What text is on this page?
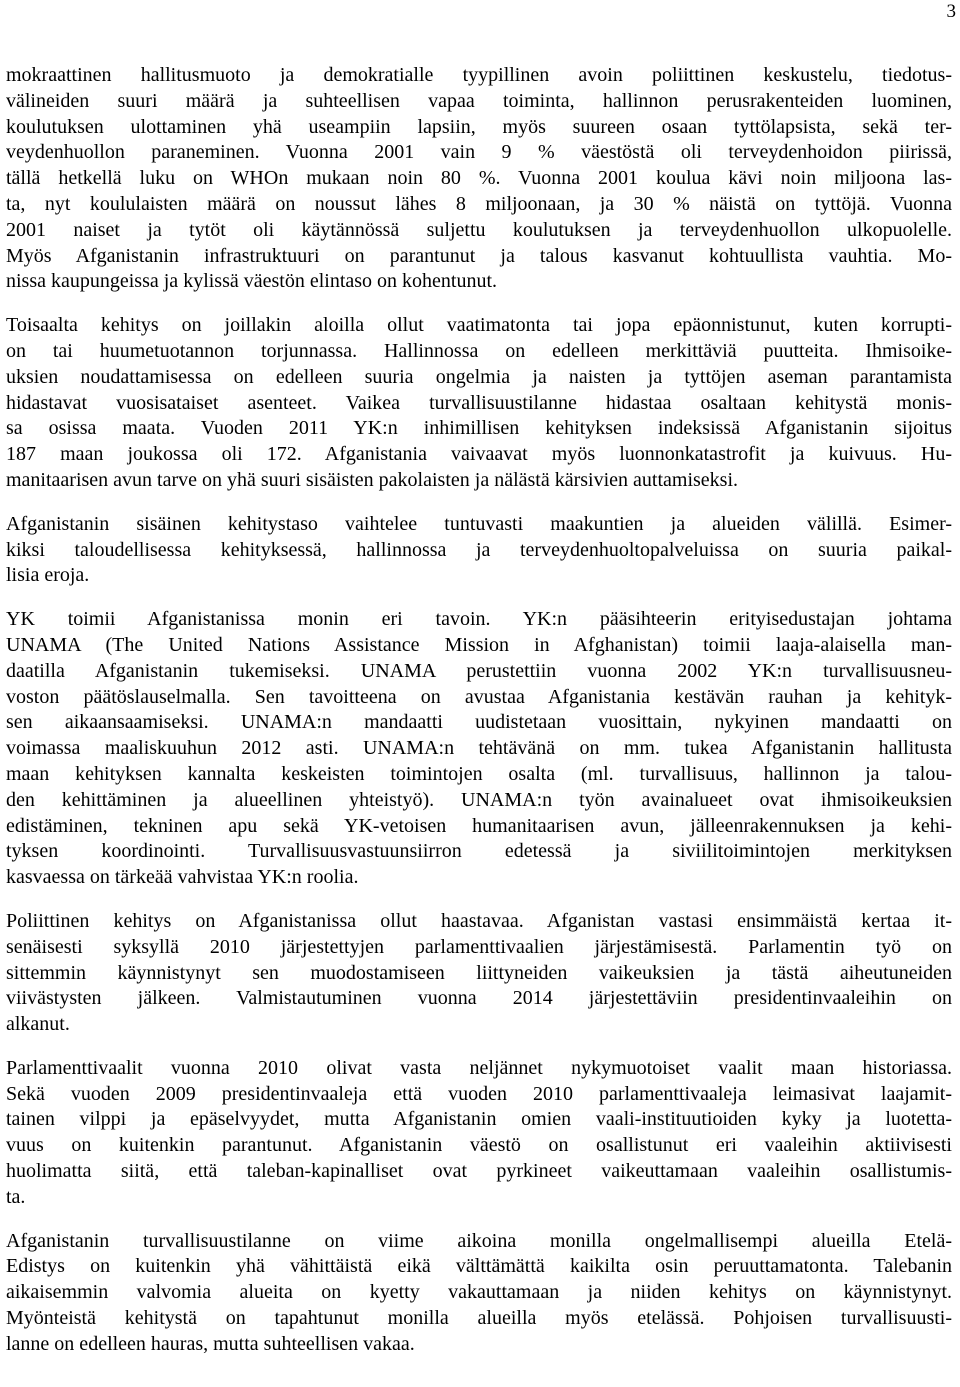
3
mokraattinen hallitusmuoto ja demokratialle tyypillinen avoin poliittinen keskustelu, tiedotus-
välineiden suuri määrä ja suhteellisen vapaa toiminta, hallinnon perusrakenteiden luominen,
koulutuksen ulottaminen yhä useampiin lapsiin, myös suureen osaan tyttölapsista, sekä ter-
veydenhuollon paraneminen. Vuonna 2001 vain 9 % väestöstä oli terveydenhoidon piirissä,
tällä hetkellä luku on WHOn mukaan noin 80 %. Vuonna 2001 koulua kävi noin miljoona las-
ta, nyt koululaisten määrä on noussut lähes 8 miljoonaan, ja 30 % näistä on tyttöjä. Vuonna
2001 naiset ja tytöt oli käytännössä suljettu koulutuksen ja terveydenhuollon ulkopuolelle.
Myös Afganistanin infrastruktuuri on parantunut ja talous kasvanut kohtuullista vauhtia. Mo-
nissa kaupungeissa ja kylissä väestön elintaso on kohentunut.
Toisaalta kehitys on joillakin aloilla ollut vaatimatonta tai jopa epäonnistunut, kuten korrupti-
on tai huumetuotannon torjunnassa. Hallinnossa on edelleen merkittäviä puutteita. Ihmisoike-
uksien noudattamisessa on edelleen suuria ongelmia ja naisten ja tyttöjen aseman parantamista
hidastavat vuosisataiset asenteet. Vaikea turvallisuustilanne hidastaa osaltaan kehitystä monis-
sa osissa maata. Vuoden 2011 YK:n inhimillisen kehityksen indeksissä Afganistanin sijoitus
187 maan joukossa oli 172. Afganistania vaivaavat myös luonnonkatastrofit ja kuivuus. Hu-
manitaarisen avun tarve on yhä suuri sisäisten pakolaisten ja nälästä kärsivien auttamiseksi.
Afganistanin sisäinen kehitystaso vaihtelee tuntuvasti maakuntien ja alueiden välillä. Esimer-
kiksi taloudellisessa kehityksessä, hallinnossa ja terveydenhuoltopalveluissa on suuria paikal-
lisia eroja.
YK toimii Afganistanissa monin eri tavoin. YK:n pääsihteerin erityisedustajan johtama
UNAMA (The United Nations Assistance Mission in Afghanistan) toimii laaja-alaisella man-
daatilla Afganistanin tukemiseksi. UNAMA perustettiin vuonna 2002 YK:n turvallisuusneu-
voston päätöslauselmalla. Sen tavoitteena on avustaa Afganistania kestävän rauhan ja kehityk-
sen aikaansaamiseksi. UNAMA:n mandaatti uudistetaan vuosittain, nykyinen mandaatti on
voimassa maaliskuuhun 2012 asti. UNAMA:n tehtävänä on mm. tukea Afganistanin hallitusta
maan kehityksen kannalta keskeisten toimintojen osalta (ml. turvallisuus, hallinnon ja talou-
den kehittäminen ja alueellinen yhteistyö). UNAMA:n työn avainalueet ovat ihmisoikeuksien
edistäminen, tekninen apu sekä YK-vetoisen humanitaarisen avun, jälleenrakennuksen ja kehi-
tyksen koordinointi. Turvallisuusvastuunsiirron edetessä ja siviilitoimintojen merkityksen
kasvaessa on tärkeää vahvistaa YK:n roolia.
Poliittinen kehitys on Afganistanissa ollut haastavaa. Afganistan vastasi ensimmäistä kertaa it-
senäisesti syksyllä 2010 järjestettyjen parlamenttivaalien järjestämisestä. Parlamentin työ on
sittemmin käynnistynyt sen muodostamiseen liittyneiden vaikeuksien ja tästä aiheutuneiden
viivästysten jälkeen. Valmistautuminen vuonna 2014 järjestettäviin presidentinvaaleihin on
alkanut.
Parlamenttivaalit vuonna 2010 olivat vasta neljännet nykymuotoiset vaalit maan historiassa.
Sekä vuoden 2009 presidentinvaaleja että vuoden 2010 parlamenttivaaleja leimasivat laajamit-
tainen vilppi ja epäselvyydet, mutta Afganistanin omien vaali-instituutioiden kyky ja luotetta-
vuus on kuitenkin parantunut. Afganistanin väestö on osallistunut eri vaaleihin aktiivisesti
huolimatta siitä, että taleban-kapinalliset ovat pyrkineet vaikeuttamaan vaaleihin osallistumis-
ta.
Afganistanin turvallisuustilanne on viime aikoina monilla ongelmallisempi alueilla Etelä-
Edistys on kuitenkin yhä vähittäistä eikä välttämättä kaikilta osin peruuttamatonta. Talebanin
aikaisemmin valvomia alueita on kyetty vakauttamaan ja niiden kehitys on käynnistynyt.
Myönteistä kehitystä on tapahtunut monilla alueilla myös etelässä. Pohjoisen turvallisuusti-
lanne on edelleen hauras, mutta suhteellisen vakaa.
